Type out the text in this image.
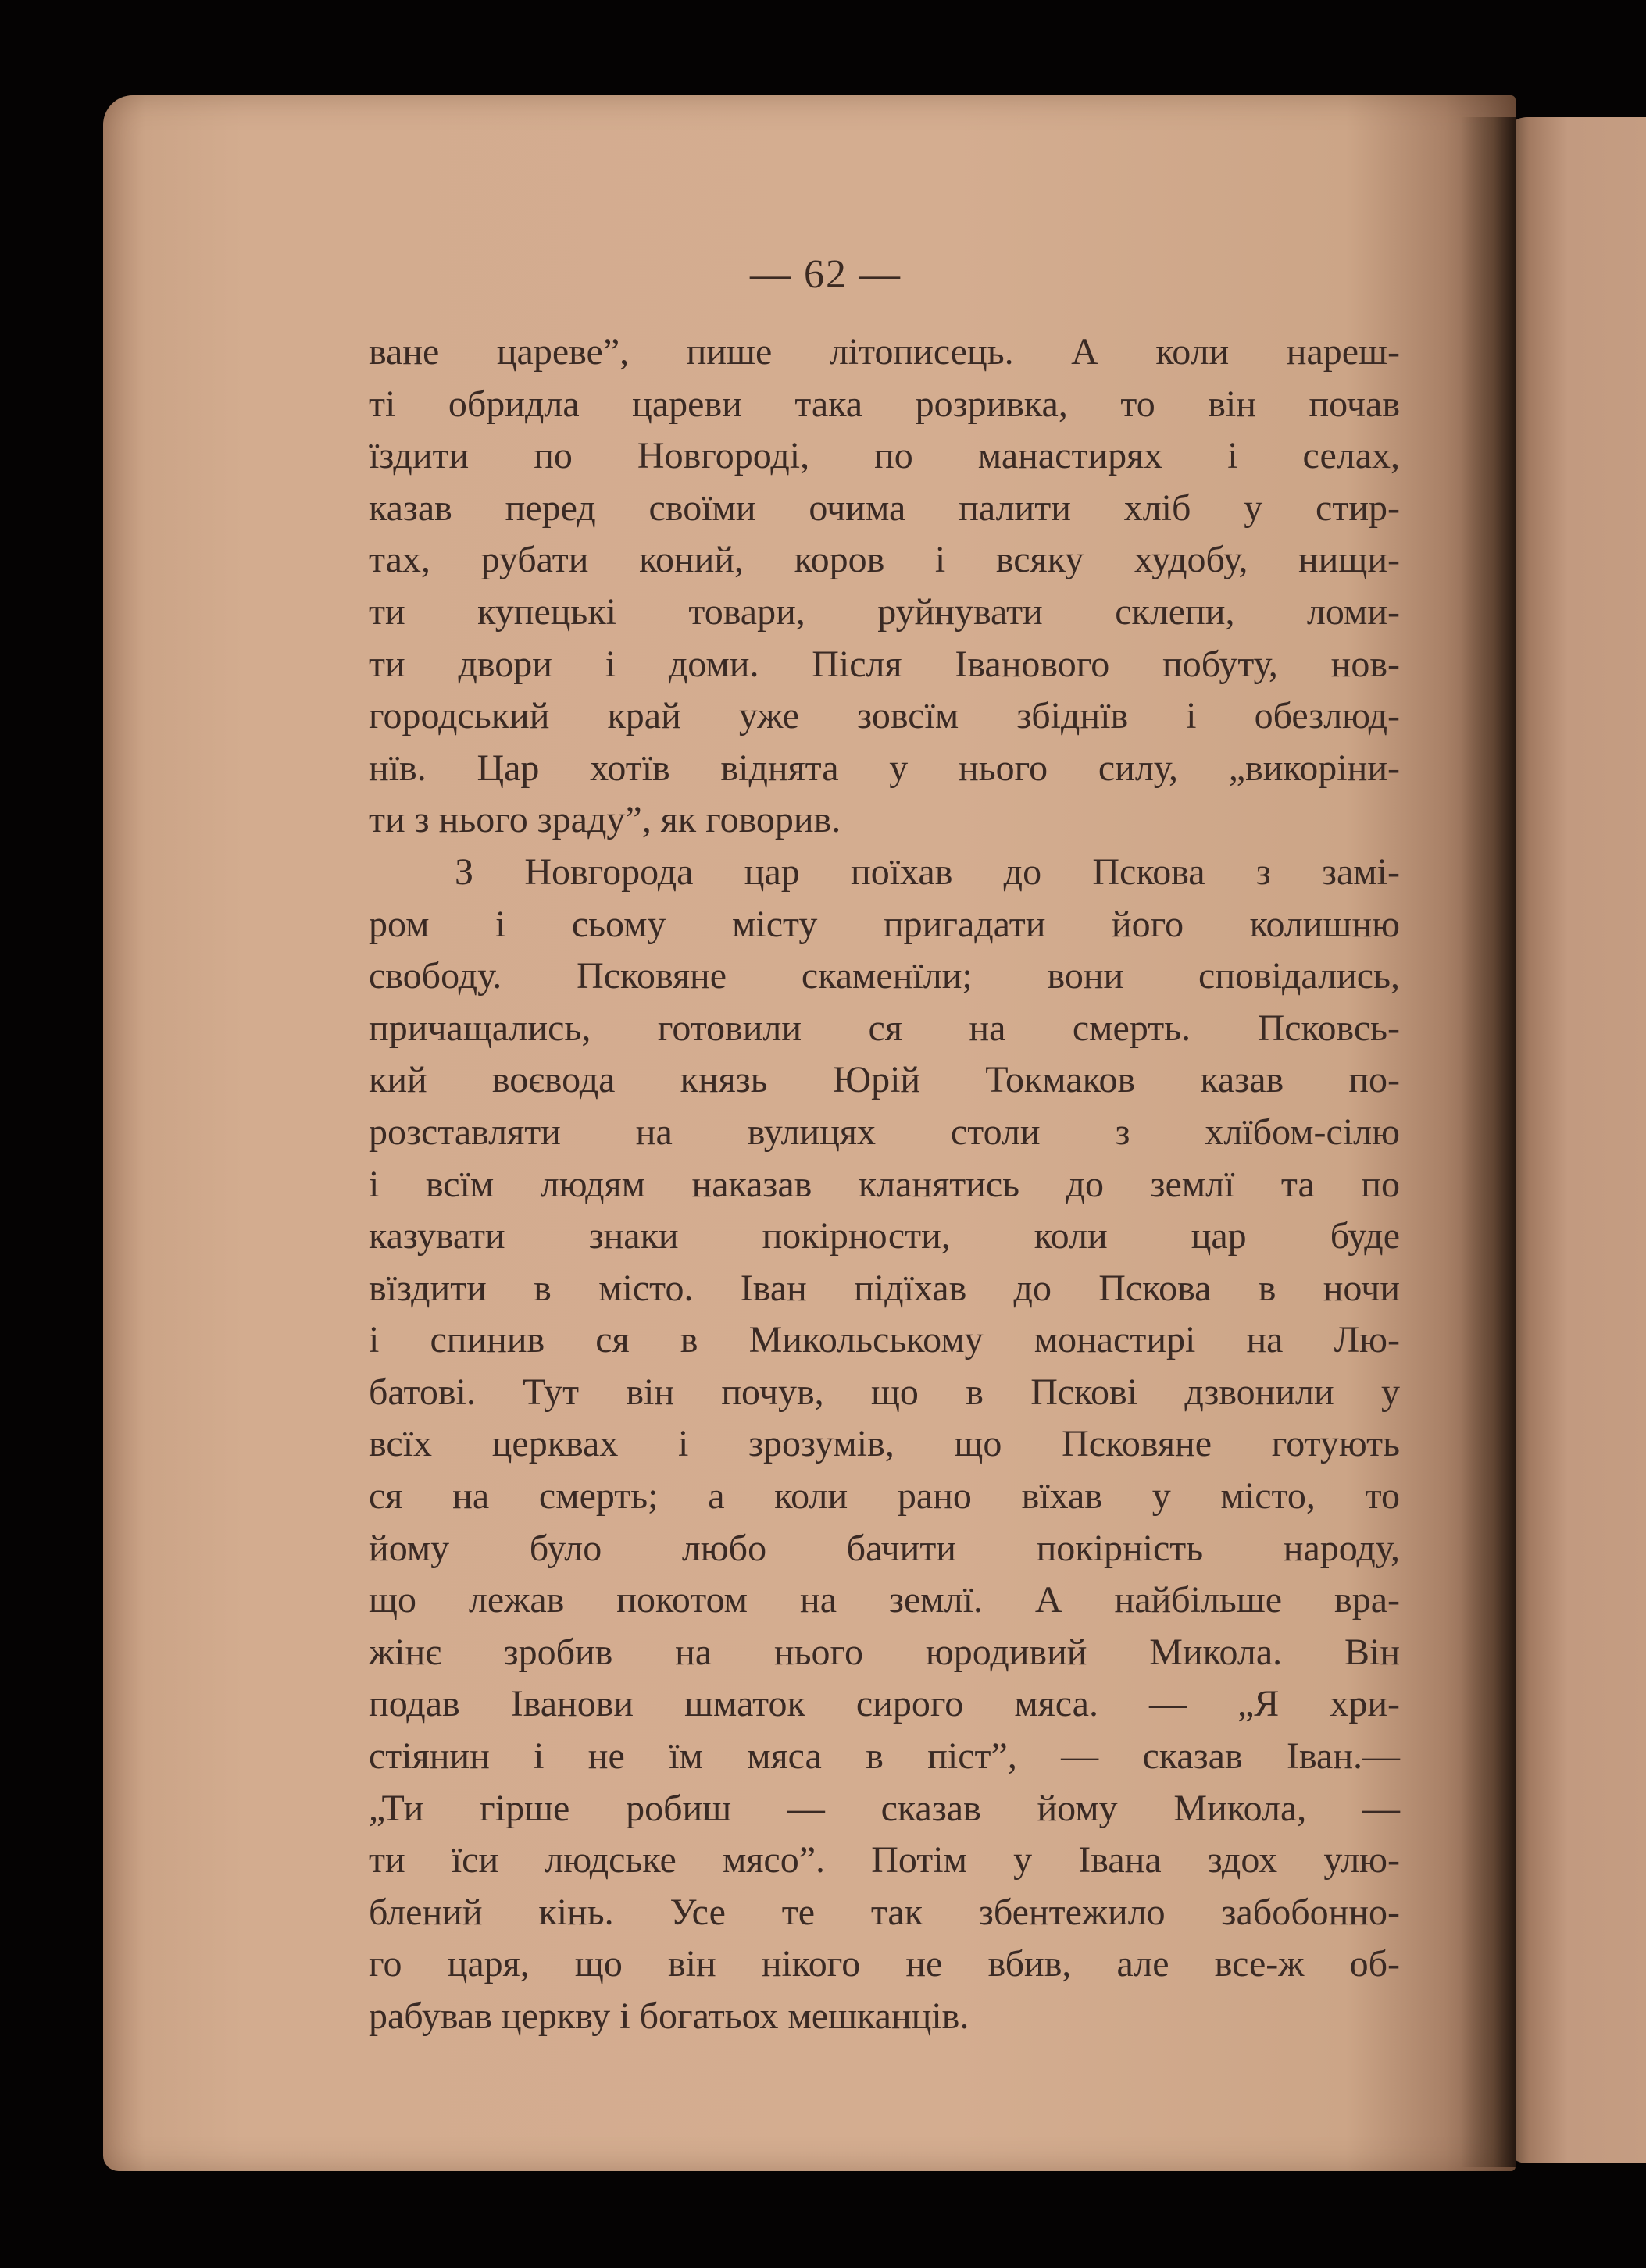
— 62 —
ване царeве”, пише літописець. А коли нареш-
ті обридла цареви така розривка, то він почав
їздити по Новгороді, по манастирях і селах,
казав перед своїми очима палити хліб у стир-
тах, рубати коний, коров і всяку худобу, нищи-
ти купецькі товари, руйнувати склепи, ломи-
ти двори і доми. Після Іванового побуту, нов-
городський край уже зовсїм збіднїв і обезлюд-
нїв. Цар хотїв віднята у нього силу, „викоріни-
ти з нього зраду”, як говорив.
З Новгорода цар поїхав до Пскова з замі-
ром і сьому місту пригадати його колишню
свободу. Псковяне скаменїли; вони сповідались,
причащались, готовили ся на смерть. Псковсь-
кий воєвода князь Юрій Токмаков казав по-
розставляти на вулицях столи з хлїбом-сілю
і всїм людям наказав кланятись до землї та по
казувати знаки покірности, коли цар буде
вїздити в місто. Іван підїхав до Пскова в ночи
і спинив ся в Микольському монастирі на Лю-
батові. Тут він почув, що в Пскові дзвонили у
всїх церквах і зрозумів, що Псковяне готують
ся на смерть; а коли рано вїхав у місто, то
йому було любо бачити покірність народу,
що лежав покотом на землї. А найбільше вра-
жінє зробив на нього юродивий Микола. Він
подав Іванови шматок сирого мяса. — „Я хри-
стіянин і не їм мяса в піст”, — сказав Іван.—
„Ти гірше робиш — сказав йому Микола, —
ти їси людське мясо”. Потім у Івана здох улю-
блений кінь. Усе те так збентежило забобонно-
го царя, що він нікого не вбив, але все-ж об-
рабував церкву і богатьох мешканців.
